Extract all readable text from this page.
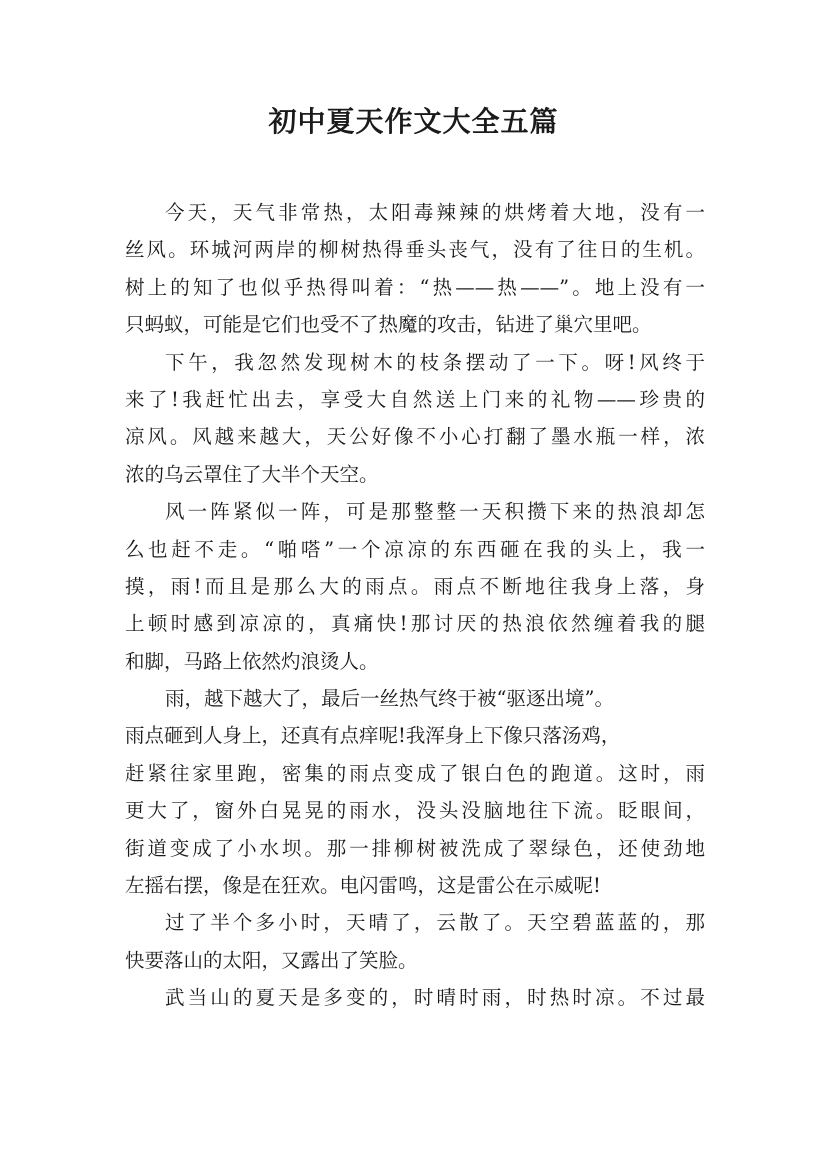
初中夏天作文大全五篇
今天，天气非常热，太阳毒辣辣的烘烤着大地，没有一
丝风。环城河两岸的柳树热得垂头丧气，没有了往日的生机。
树上的知了也似乎热得叫着：“热——热——”。地上没有一
只蚂蚁，可能是它们也受不了热魔的攻击，钻进了巢穴里吧。
下午，我忽然发现树木的枝条摆动了一下。呀!风终于
来了!我赶忙出去，享受大自然送上门来的礼物——珍贵的
凉风。风越来越大，天公好像不小心打翻了墨水瓶一样，浓
浓的乌云罩住了大半个天空。
风一阵紧似一阵，可是那整整一天积攒下来的热浪却怎
么也赶不走。“啪嗒”一个凉凉的东西砸在我的头上，我一
摸，雨!而且是那么大的雨点。雨点不断地往我身上落，身
上顿时感到凉凉的，真痛快!那讨厌的热浪依然缠着我的腿
和脚，马路上依然灼浪烫人。
雨，越下越大了，最后一丝热气终于被“驱逐出境”。
雨点砸到人身上，还真有点痒呢!我浑身上下像只落汤鸡，
赶紧往家里跑，密集的雨点变成了银白色的跑道。这时，雨
更大了，窗外白晃晃的雨水，没头没脑地往下流。眨眼间，
街道变成了小水坝。那一排柳树被洗成了翠绿色，还使劲地
左摇右摆，像是在狂欢。电闪雷鸣，这是雷公在示威呢!
过了半个多小时，天晴了，云散了。天空碧蓝蓝的，那
快要落山的太阳，又露出了笑脸。
武当山的夏天是多变的，时晴时雨，时热时凉。不过最
